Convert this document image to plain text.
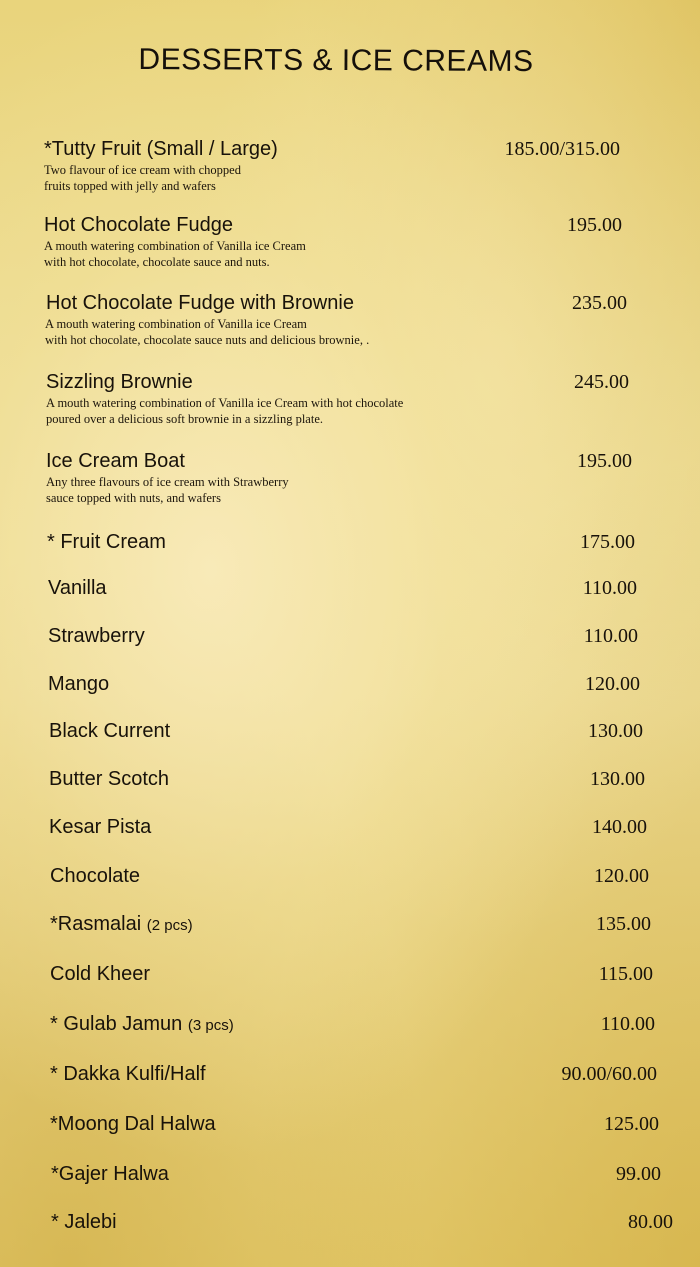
DESSERTS & ICE CREAMS
*Tutty Fruit (Small / Large)	185.00/315.00
Two flavour of ice cream with chopped
fruits topped with jelly and wafers
Hot Chocolate Fudge	195.00
A mouth watering combination of Vanilla ice Cream
with hot chocolate, chocolate sauce and nuts.
Hot Chocolate Fudge with Brownie	235.00
A mouth watering combination of Vanilla ice Cream
with hot chocolate, chocolate sauce nuts and delicious brownie, .
Sizzling Brownie	245.00
A mouth watering combination of Vanilla ice Cream with hot chocolate
poured over a delicious soft brownie in a sizzling plate.
Ice Cream Boat	195.00
Any three flavours of ice cream with Strawberry
sauce topped with nuts, and wafers
* Fruit Cream	175.00
Vanilla	110.00
Strawberry	110.00
Mango	120.00
Black Current	130.00
Butter Scotch	130.00
Kesar Pista	140.00
Chocolate	120.00
*Rasmalai (2 pcs)	135.00
Cold Kheer	115.00
* Gulab Jamun (3 pcs)	110.00
* Dakka Kulfi/Half	90.00/60.00
*Moong Dal Halwa	125.00
*Gajer Halwa	99.00
* Jalebi	80.00
